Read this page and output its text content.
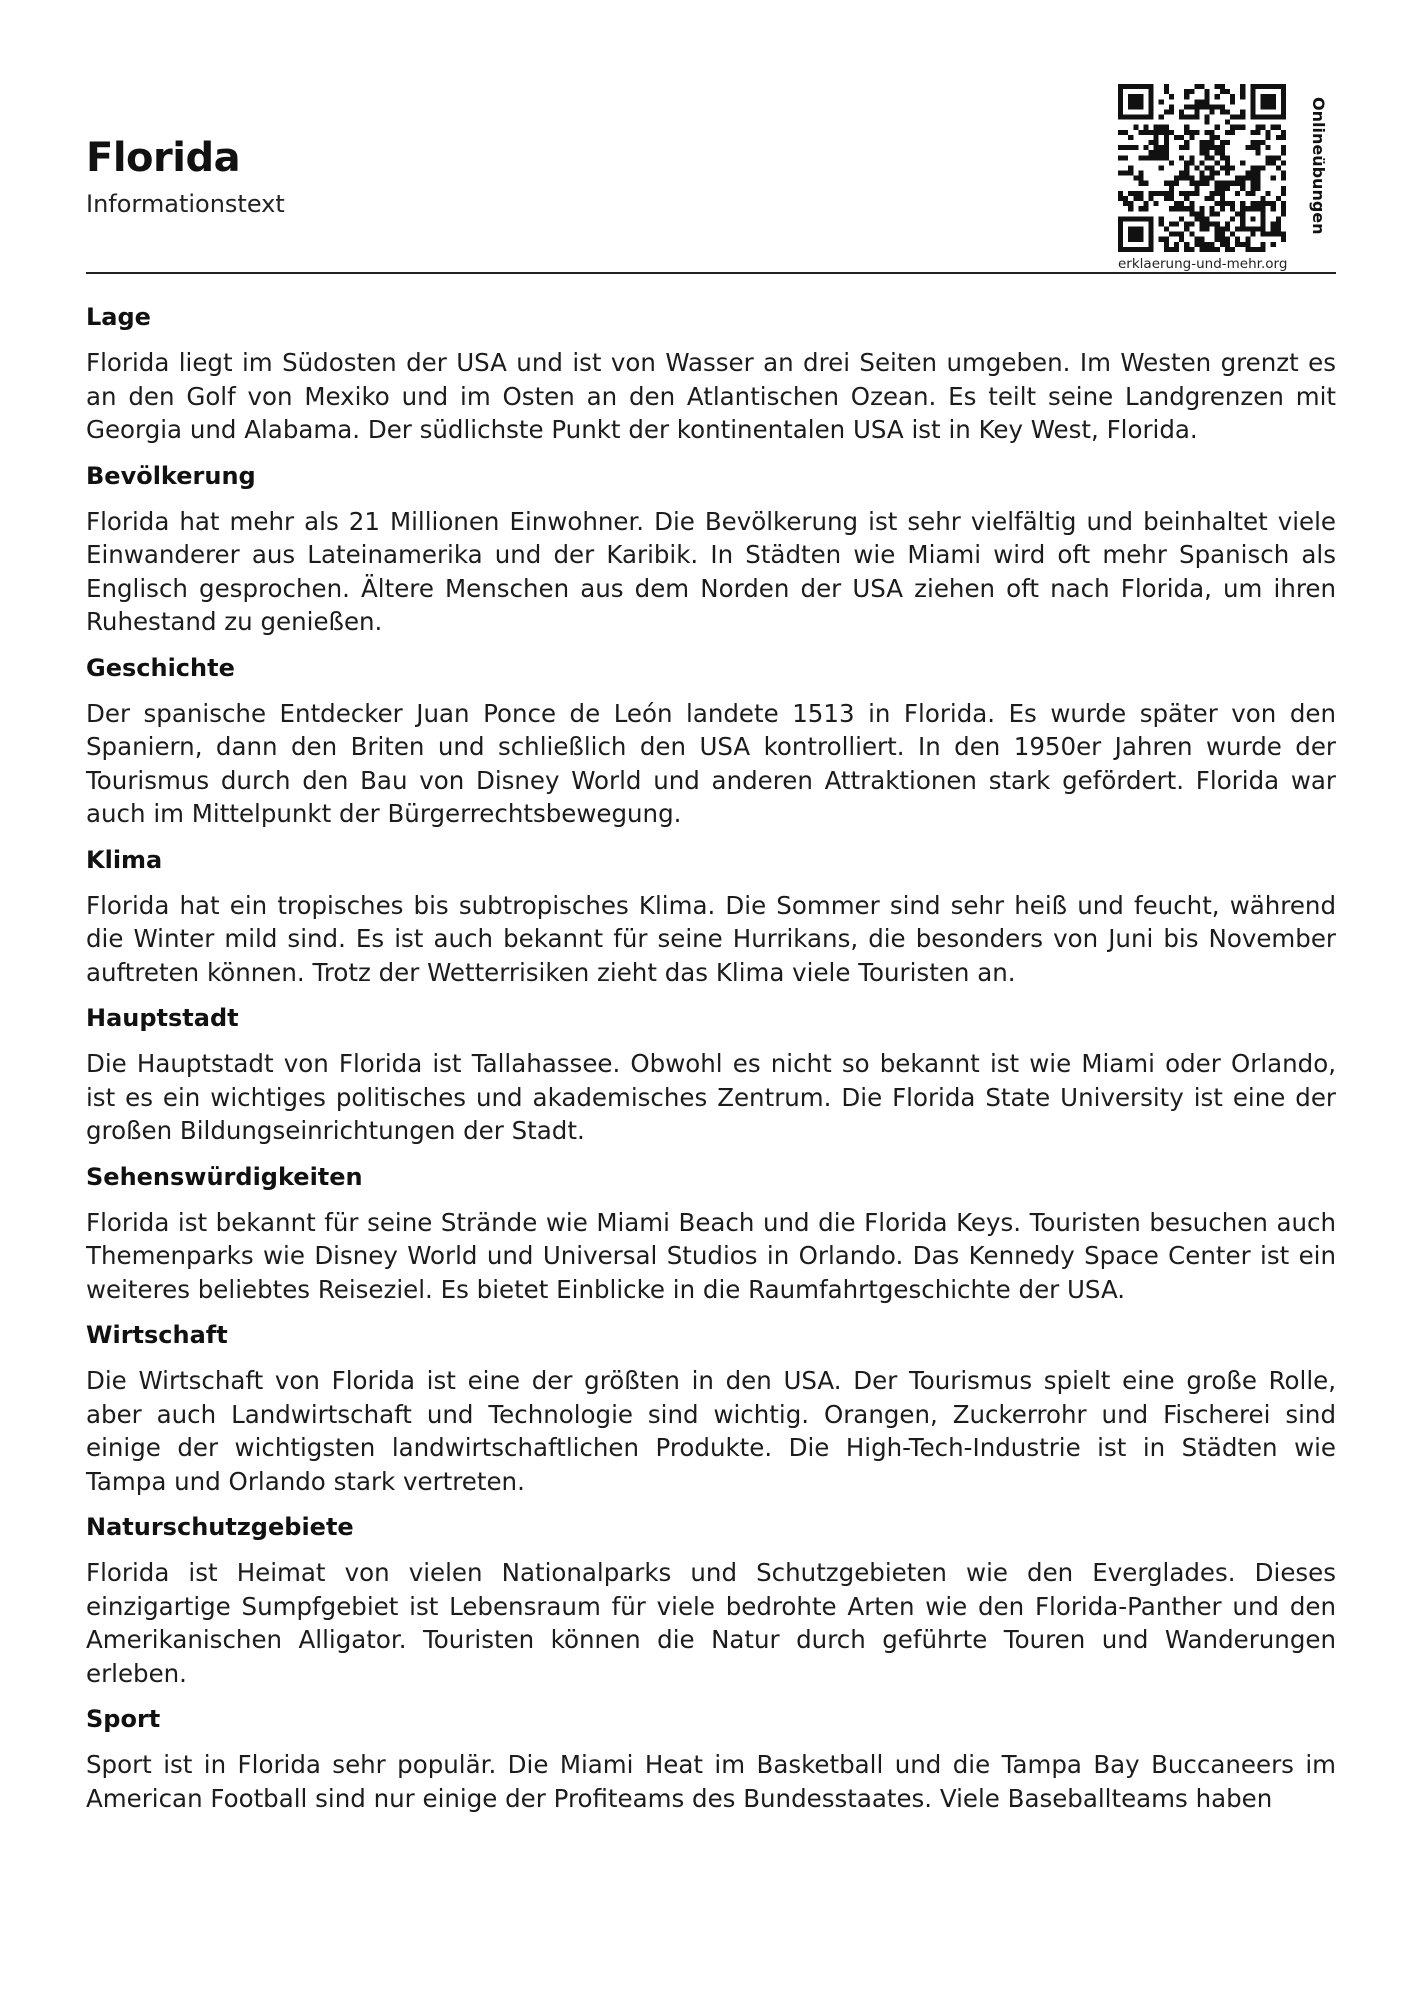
Florida
Informationstext
erklaerung-und-mehr.org
Onlineübungen
Lage

Florida liegt im Südosten der USA und ist von Wasser an drei Seiten umgeben. Im Westen grenzt es an den Golf von Mexiko und im Osten an den Atlantischen Ozean. Es teilt seine Landgrenzen mit Georgia und Alabama. Der südlichste Punkt der kontinentalen USA ist in Key West, Florida.

Bevölkerung

Florida hat mehr als 21 Millionen Einwohner. Die Bevölkerung ist sehr vielfältig und beinhaltet viele Einwanderer aus Lateinamerika und der Karibik. In Städten wie Miami wird oft mehr Spanisch als Englisch gesprochen. Ältere Menschen aus dem Norden der USA ziehen oft nach Florida, um ihren Ruhestand zu genießen.

Geschichte

Der spanische Entdecker Juan Ponce de León landete 1513 in Florida. Es wurde später von den Spaniern, dann den Briten und schließlich den USA kontrolliert. In den 1950er Jahren wurde der Tourismus durch den Bau von Disney World und anderen Attraktionen stark gefördert. Florida war auch im Mittelpunkt der Bürgerrechtsbewegung.

Klima

Florida hat ein tropisches bis subtropisches Klima. Die Sommer sind sehr heiß und feucht, während die Winter mild sind. Es ist auch bekannt für seine Hurrikans, die besonders von Juni bis November auftreten können. Trotz der Wetterrisiken zieht das Klima viele Touristen an.

Hauptstadt

Die Hauptstadt von Florida ist Tallahassee. Obwohl es nicht so bekannt ist wie Miami oder Orlando, ist es ein wichtiges politisches und akademisches Zentrum. Die Florida State University ist eine der großen Bildungseinrichtungen der Stadt.

Sehenswürdigkeiten

Florida ist bekannt für seine Strände wie Miami Beach und die Florida Keys. Touristen besuchen auch Themenparks wie Disney World und Universal Studios in Orlando. Das Kennedy Space Center ist ein weiteres beliebtes Reiseziel. Es bietet Einblicke in die Raumfahrtgeschichte der USA.

Wirtschaft

Die Wirtschaft von Florida ist eine der größten in den USA. Der Tourismus spielt eine große Rolle, aber auch Landwirtschaft und Technologie sind wichtig. Orangen, Zuckerrohr und Fischerei sind einige der wichtigsten landwirtschaftlichen Produkte. Die High-Tech-Industrie ist in Städten wie Tampa und Orlando stark vertreten.

Naturschutzgebiete

Florida ist Heimat von vielen Nationalparks und Schutzgebieten wie den Everglades. Dieses einzigartige Sumpfgebiet ist Lebensraum für viele bedrohte Arten wie den Florida-Panther und den Amerikanischen Alligator. Touristen können die Natur durch geführte Touren und Wanderungen erleben.

Sport

Sport ist in Florida sehr populär. Die Miami Heat im Basketball und die Tampa Bay Buccaneers im American Football sind nur einige der Profiteams des Bundesstaates. Viele Baseballteams haben
